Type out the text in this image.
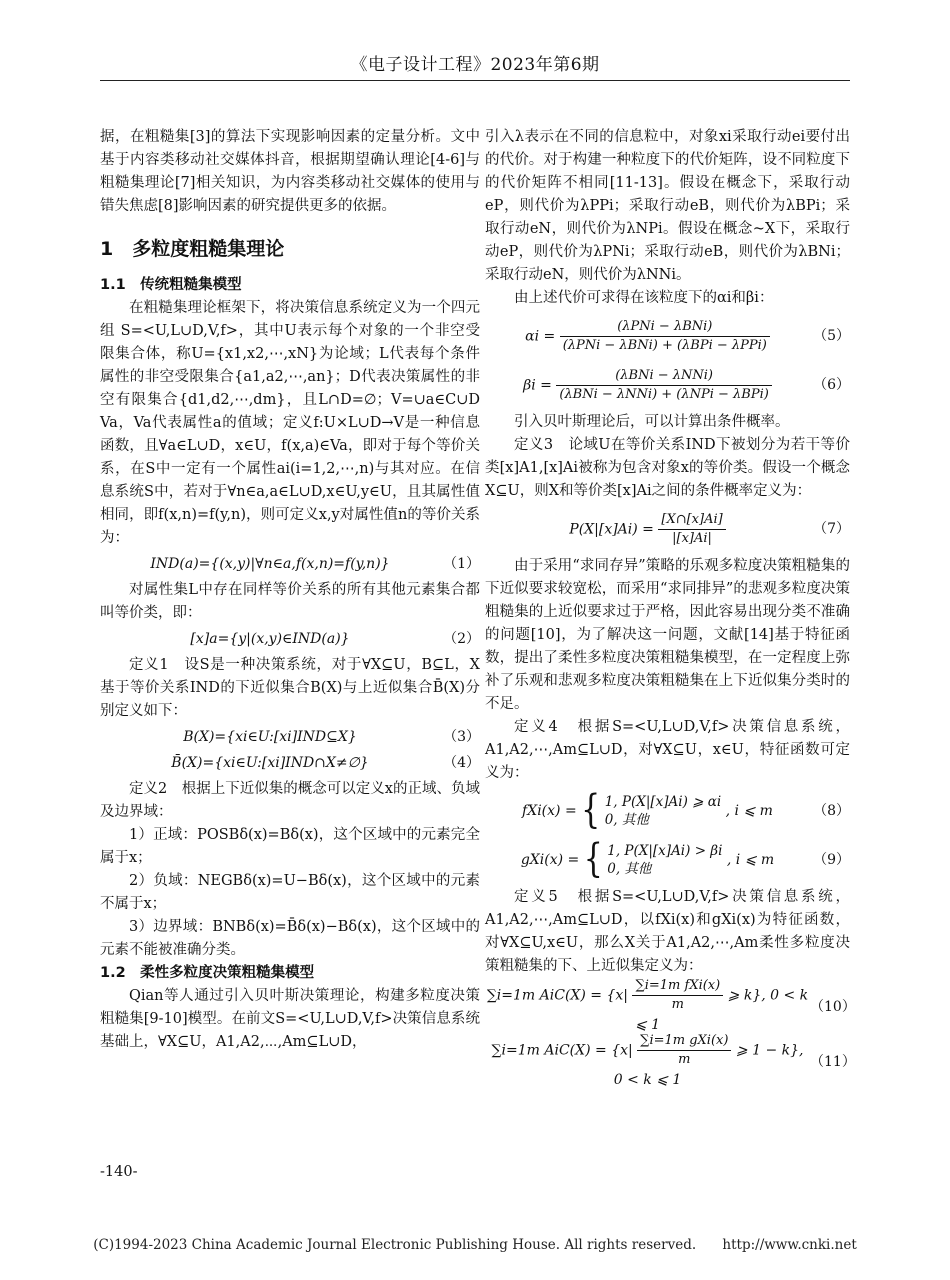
《电子设计工程》2023年第6期

据，在粗糙集[3]的算法下实现影响因素的定量分析。文中基于内容类移动社交媒体抖音，根据期望确认理论[4-6]与粗糙集理论[7]相关知识，为内容类移动社交媒体的使用与错失焦虑[8]影响因素的研究提供更多的依据。

1　多粒度粗糙集理论
1.1　传统粗糙集模型

在粗糙集理论框架下，将决策信息系统定义为一个四元组 S=<U,L∪D,V,f>，其中U表示每个对象的一个非空受限集合体，称U={x1,x2,⋯,xN}为论域；L代表每个条件属性的非空受限集合{a1,a2,⋯,an}；D代表决策属性的非空有限集合{d1,d2,⋯,dm}，且L∩D=∅；V=∪a∈C∪D Va，Va代表属性a的值域；定义f:U×L∪D→V是一种信息函数，且∀a∈L∪D，x∈U，f(x,a)∈Va，即对于每个等价关系，在S中一定有一个属性ai(i=1,2,⋯,n)与其对应。在信息系统S中，若对于∀n∈a,a∈L∪D,x∈U,y∈U，且其属性值相同，即f(x,n)=f(y,n)，则可定义x,y对属性值n的等价关系为：

IND(a)={(x,y)|∀n∈a,f(x,n)=f(y,n)}	（1）

对属性集L中存在同样等价关系的所有其他元素集合都叫等价类，即：

[x]a={y|(x,y)∈IND(a)}	（2）

定义1　设S是一种决策系统，对于∀X⊆U，B⊆L，X基于等价关系IND的下近似集合B(X)与上近似集合B̄(X)分别定义如下：

B(X)={xi∈U:[xi]IND⊆X}	（3）
B̄(X)={xi∈U:[xi]IND∩X≠∅}	（4）

定义2　根据上下近似集的概念可以定义x的正域、负域及边界域：

1）正域：POSBδ(x)=Bδ(x)，这个区域中的元素完全属于x；

2）负域：NEGBδ(x)=U−Bδ(x)，这个区域中的元素不属于x；

3）边界域：BNBδ(x)=B̄δ(x)−Bδ(x)，这个区域中的元素不能被准确分类。

1.2　柔性多粒度决策粗糙集模型

Qian等人通过引入贝叶斯决策理论，构建多粒度决策粗糙集[9-10]模型。在前文S=<U,L∪D,V,f>决策信息系统基础上，∀X⊆U，A1,A2,⋯,Am⊆L∪D，

-140-

引入λ表示在不同的信息粒中，对象xi采取行动ei要付出的代价。对于构建一种粒度下的代价矩阵，设不同粒度下的代价矩阵不相同[11-13]。假设在概念下，采取行动eP，则代价为λPPi；采取行动eB，则代价为λBPi；采取行动eN，则代价为λNPi。假设在概念~X下，采取行动eP，则代价为λPNi；采取行动eB，则代价为λBNi；采取行动eN，则代价为λNNi。

由上述代价可求得在该粒度下的αi和βi：

$\alpha i = \frac{\text{(λPNi − λBNi)}}{\text{(λPNi − λBNi) + (λBPi − λPPi)}}$	（5）
$\beta i = \frac{\text{(λBNi − λNNi)}}{\text{(λBNi − λNNi) + (λNPi − λBPi)}}$	（6）

引入贝叶斯理论后，可以计算出条件概率。

定义3　论域U在等价关系IND下被划分为若干等价类[x]A1,[x]Ai被称为包含对象x的等价类。假设一个概念X⊆U，则X和等价类[x]Ai之间的条件概率定义为：

$P(X|[x]Ai) = \frac{[X\cap[x]Ai]}{|[x]Ai|}$	（7）

由于采用“求同存异”策略的乐观多粒度决策粗糙集的下近似要求较宽松，而采用“求同排异”的悲观多粒度决策粗糙集的上近似要求过于严格，因此容易出现分类不准确的问题[10]，为了解决这一问题，文献[14]基于特征函数，提出了柔性多粒度决策粗糙集模型，在一定程度上弥补了乐观和悲观多粒度决策粗糙集在上下近似集分类时的不足。

定义4　根据S=<U,L∪D,V,f>决策信息系统，A1,A2,⋯,Am⊆L∪D，对∀X⊆U，x∈U，特征函数可定义为：

fXi(x) = { 1, P(X|[x]Ai) ⩾ αi
0, 其他
, i ⩽ m	（8）
gXi(x) = { 1, P(X|[x]Ai) > βi
0, 其他
, i ⩽ m	（9）

定义5　根据S=<U,L∪D,V,f>决策信息系统，A1,A2,⋯,Am⊆L∪D，以fXi(x)和gXi(x)为特征函数，对∀X⊆U,x∈U，那么X关于A1,A2,⋯,Am柔性多粒度决策粗糙集的下、上近似集定义为：

∑i=1m $AiC(X) = \{x| \frac{\text{∑i=1m fXi(x)}}{m}$ ⩾ k}, 0 < k ⩽ 1
（10）
∑i=1m $AiC(X) = \{x| \frac{\text{∑i=1m gXi(x)}}{m}$ ⩾ 1 − k}, 0 < k ⩽ 1
（11）
(C)1994-2023 China Academic Journal Electronic Publishing House. All rights reserved. http://www.cnki.net
